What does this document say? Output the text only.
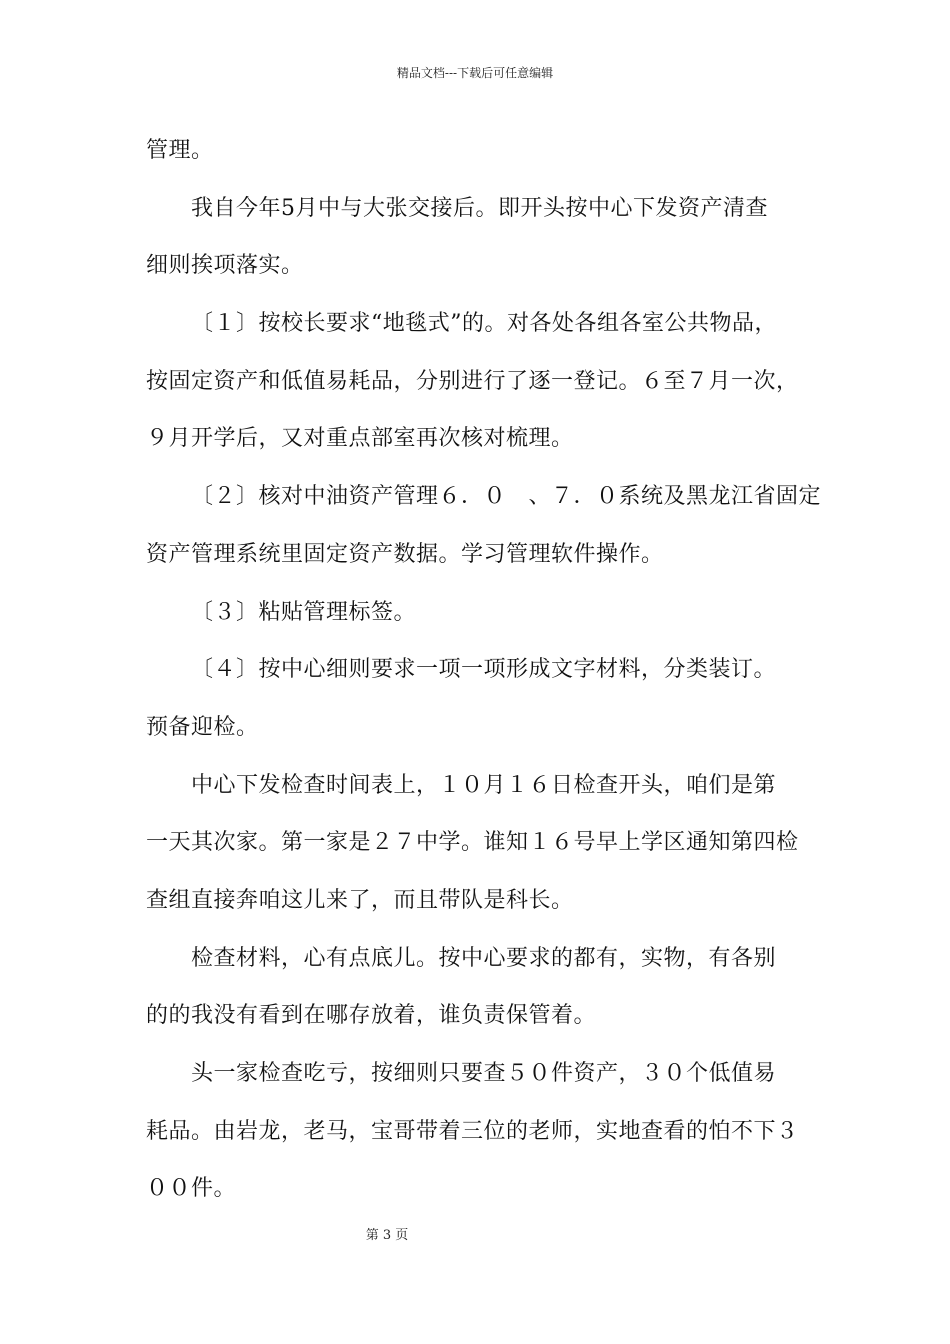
精品文档---下载后可任意编辑
管理。
我自今年5月中与大张交接后。即开头按中心下发资产清查
细则挨项落实。
〔１〕按校长要求“地毯式”的。对各处各组各室公共物品，
按固定资产和低值易耗品，分别进行了逐一登记。６至７月一次，
９月开学后，又对重点部室再次核对梳理。
〔２〕核对中油资产管理６．０　、７．０系统及黑龙江省固定
资产管理系统里固定资产数据。学习管理软件操作。
〔３〕粘贴管理标签。
〔４〕按中心细则要求一项一项形成文字材料，分类装订。
预备迎检。
中心下发检查时间表上，１０月１６日检查开头，咱们是第
一天其次家。第一家是２７中学。谁知１６号早上学区通知第四检
查组直接奔咱这儿来了，而且带队是科长。
检查材料，心有点底儿。按中心要求的都有，实物，有各别
的的我没有看到在哪存放着，谁负责保管着。
头一家检查吃亏，按细则只要查５０件资产，３０个低值易
耗品。由岩龙，老马，宝哥带着三位的老师，实地查看的怕不下３
００件。
第 3 页
